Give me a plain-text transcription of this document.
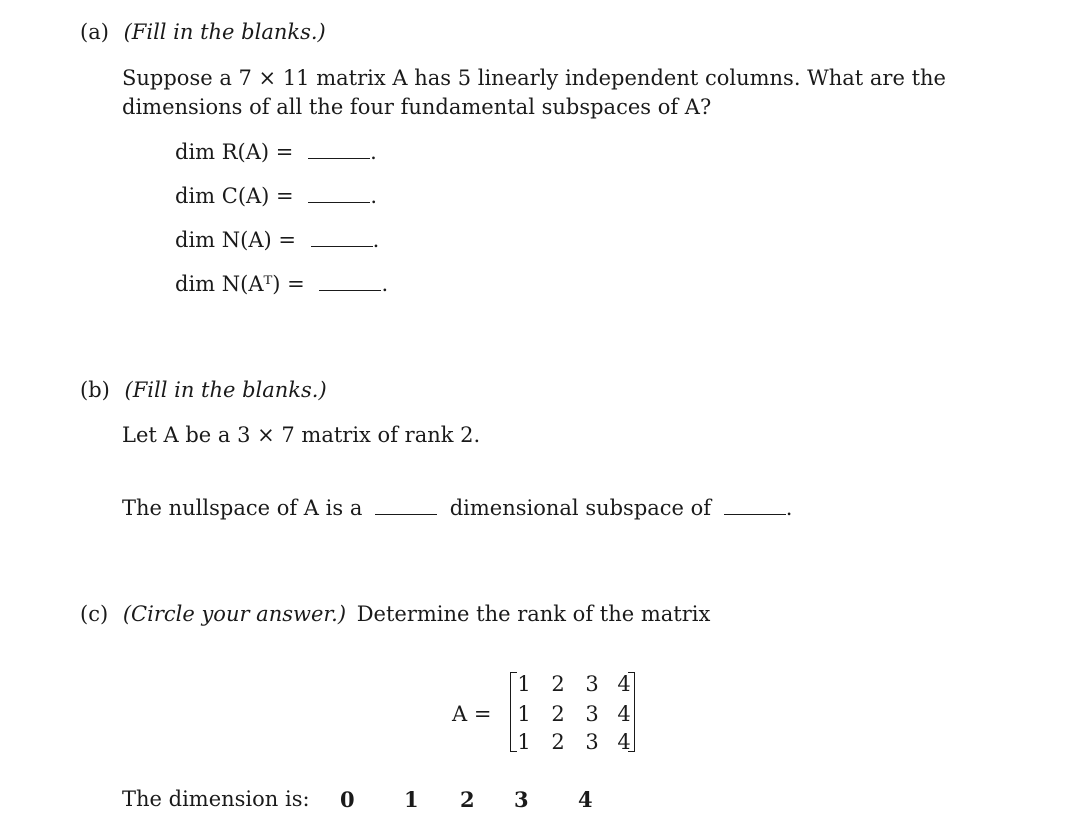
(a) (Fill in the blanks.)
Suppose a 7 × 11 matrix A has 5 linearly independent columns. What are the
dimensions of all the four fundamental subspaces of A?
dim R(A) =	.
dim C(A) =	.
dim N(A) =	.
dim N(Aᵀ) =	.
(b) (Fill in the blanks.)
Let A be a 3 × 7 matrix of rank 2.
The nullspace of A is a	dimensional subspace of	.
(c) (Circle your answer.) Determine the rank of the matrix
A =
1 2 3 4
1 2 3 4
1 2 3 4
The dimension is: 0 1 2 3 4
